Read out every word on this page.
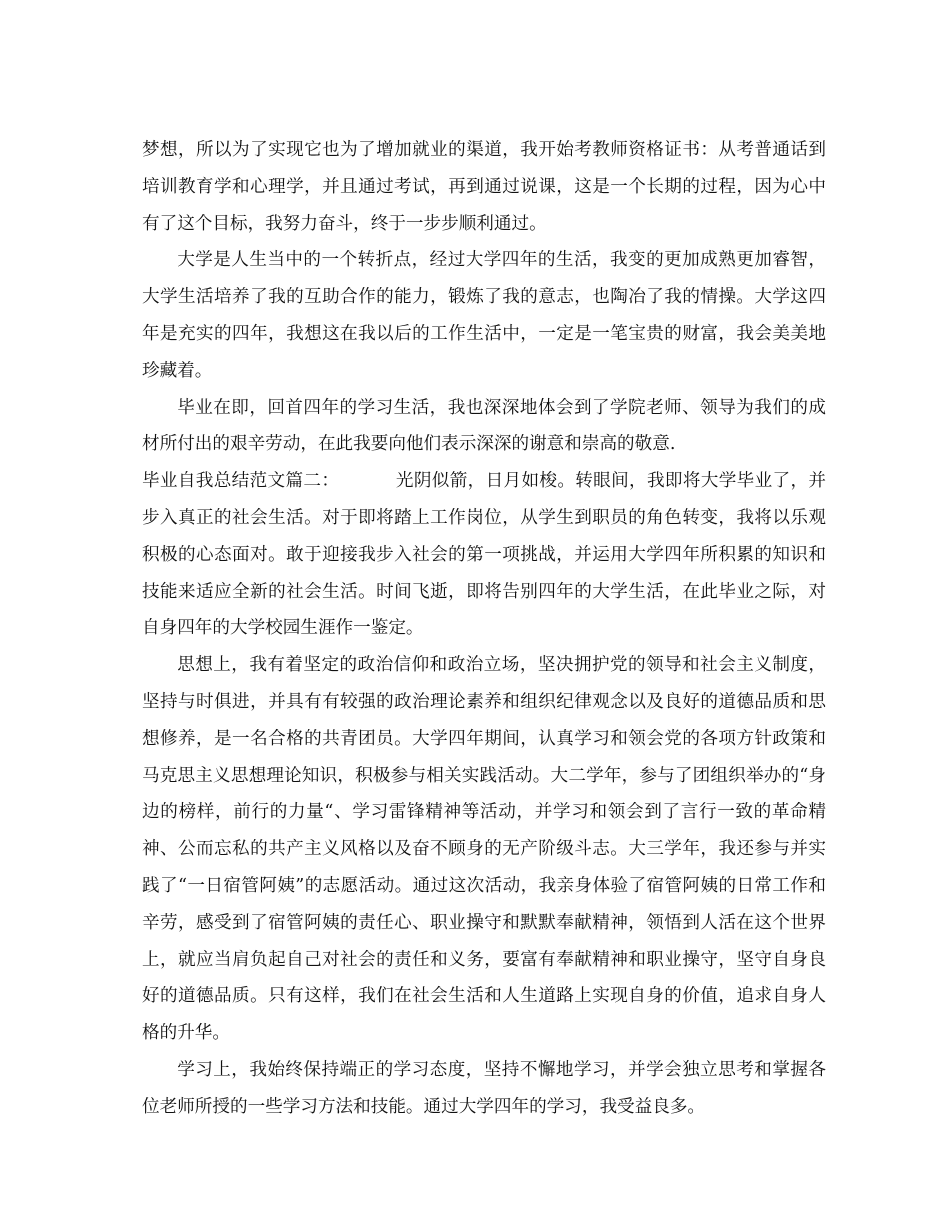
梦想，所以为了实现它也为了增加就业的渠道，我开始考教师资格证书：从考普通话到培训教育学和心理学，并且通过考试，再到通过说课，这是一个长期的过程，因为心中有了这个目标，我努力奋斗，终于一步步顺利通过。

大学是人生当中的一个转折点，经过大学四年的生活，我变的更加成熟更加睿智，大学生活培养了我的互助合作的能力，锻炼了我的意志，也陶冶了我的情操。大学这四年是充实的四年，我想这在我以后的工作生活中，一定是一笔宝贵的财富，我会美美地珍藏着。

毕业在即，回首四年的学习生活，我也深深地体会到了学院老师、领导为我们的成材所付出的艰辛劳动，在此我要向他们表示深深的谢意和崇高的敬意.

毕业自我总结范文篇二：	光阴似箭，日月如梭。转眼间，我即将大学毕业了，并步入真正的社会生活。对于即将踏上工作岗位，从学生到职员的角色转变，我将以乐观积极的心态面对。敢于迎接我步入社会的第一项挑战，并运用大学四年所积累的知识和技能来适应全新的社会生活。时间飞逝，即将告别四年的大学生活，在此毕业之际，对自身四年的大学校园生涯作一鉴定。

思想上，我有着坚定的政治信仰和政治立场，坚决拥护党的领导和社会主义制度，坚持与时俱进，并具有有较强的政治理论素养和组织纪律观念以及良好的道德品质和思想修养，是一名合格的共青团员。大学四年期间，认真学习和领会党的各项方针政策和马克思主义思想理论知识，积极参与相关实践活动。大二学年，参与了团组织举办的“身边的榜样，前行的力量“、学习雷锋精神等活动，并学习和领会到了言行一致的革命精神、公而忘私的共产主义风格以及奋不顾身的无产阶级斗志。大三学年，我还参与并实践了“一日宿管阿姨”的志愿活动。通过这次活动，我亲身体验了宿管阿姨的日常工作和辛劳，感受到了宿管阿姨的责任心、职业操守和默默奉献精神，领悟到人活在这个世界上，就应当肩负起自己对社会的责任和义务，要富有奉献精神和职业操守，坚守自身良好的道德品质。只有这样，我们在社会生活和人生道路上实现自身的价值，追求自身人格的升华。

学习上，我始终保持端正的学习态度，坚持不懈地学习，并学会独立思考和掌握各位老师所授的一些学习方法和技能。通过大学四年的学习，我受益良多。
